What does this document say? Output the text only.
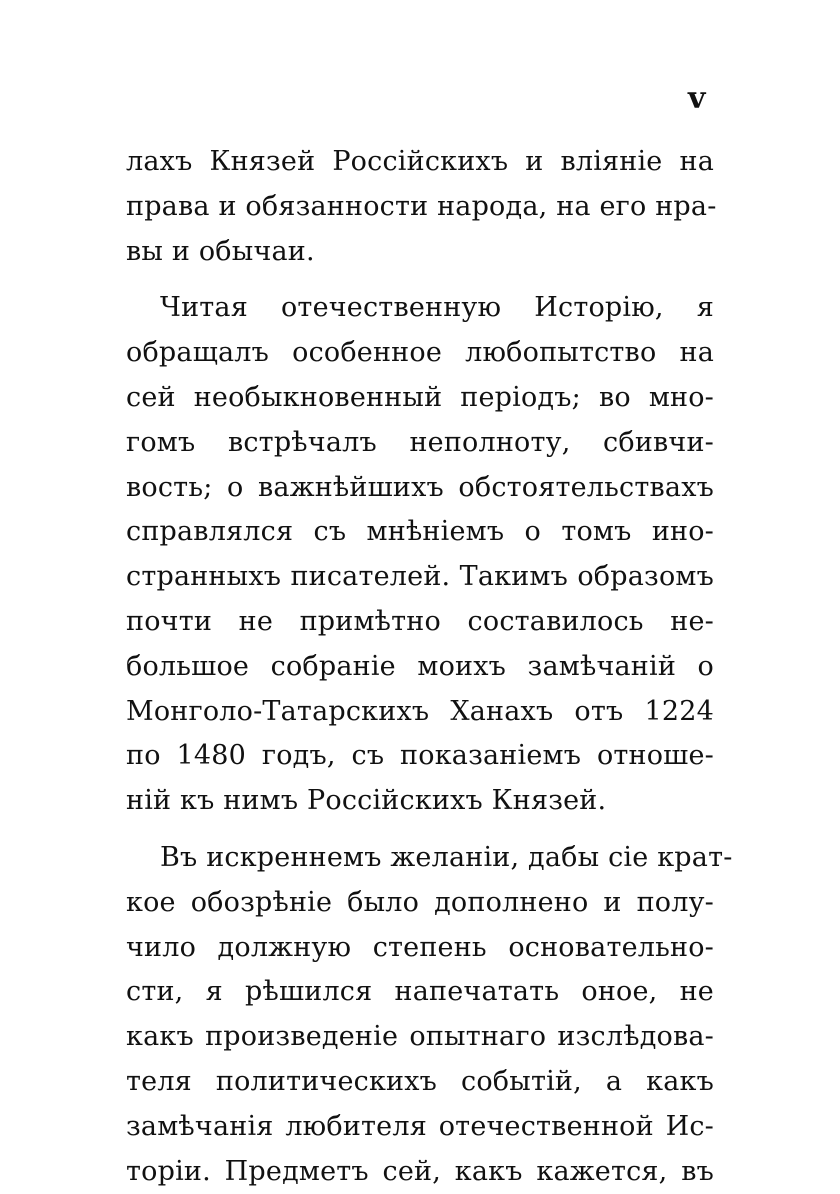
v
лахъ Князей Россiйскихъ и влiянiе на
права и обязанности народа, на его нра-
вы и обычаи.
Читая отечественную Исторiю, я
обращалъ особенное любопытство на
сей необыкновенный перiодъ; во мно-
гомъ встрѣчалъ неполноту, сбивчи-
вость; о важнѣйшихъ обстоятельствахъ
справлялся съ мнѣнiемъ о томъ ино-
странныхъ писателей. Такимъ образомъ
почти не примѣтно составилось не-
большое собранiе моихъ замѣчанiй о
Монголо-Татарскихъ Ханахъ отъ 1224
по 1480 годъ, съ показанiемъ отноше-
нiй къ нимъ Россiйскихъ Князей.
Въ искреннемъ желанiи, дабы сiе крат-
кое обозрѣнiе было дополнено и полу-
чило должную степень основательно-
сти, я рѣшился напечатать оное, не
какъ произведенiе опытнаго изслѣдова-
теля политическихъ событiй, а какъ
замѣчанiя любителя отечественной Ис-
торiи. Предметъ сей, какъ кажется, въ
